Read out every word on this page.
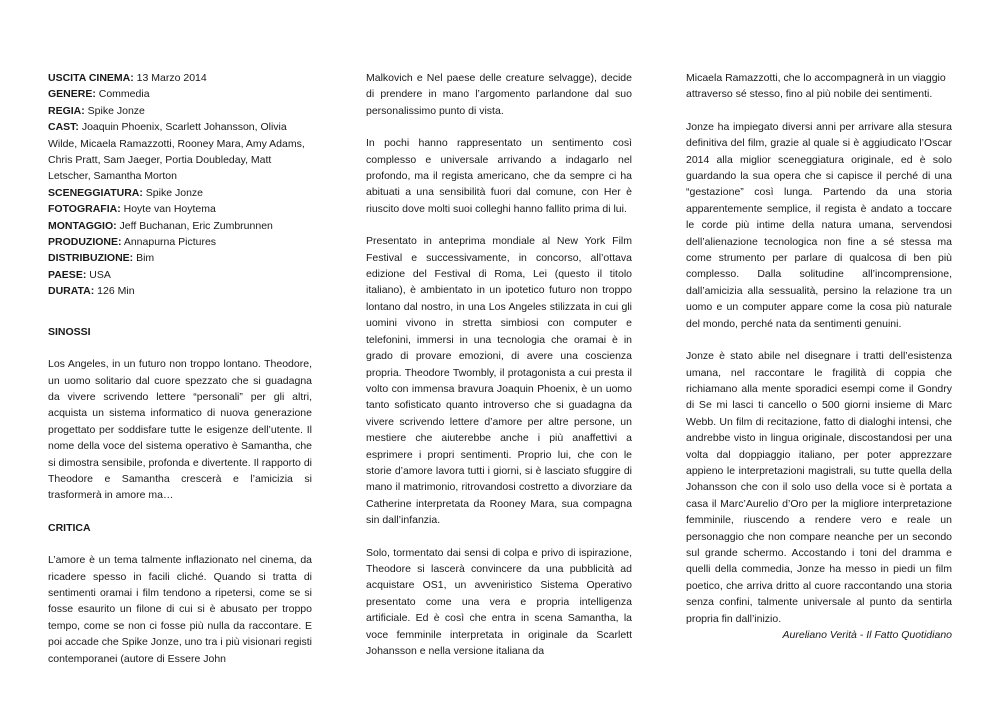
USCITA CINEMA: 13 Marzo 2014
GENERE: Commedia
REGIA: Spike Jonze
CAST: Joaquin Phoenix, Scarlett Johansson, Olivia Wilde, Micaela Ramazzotti, Rooney Mara, Amy Adams, Chris Pratt, Sam Jaeger, Portia Doubleday, Matt Letscher, Samantha Morton
SCENEGGIATURA: Spike Jonze
FOTOGRAFIA: Hoyte van Hoytema
MONTAGGIO: Jeff Buchanan, Eric Zumbrunnen
PRODUZIONE: Annapurna Pictures
DISTRIBUZIONE: Bim
PAESE: USA
DURATA: 126 Min
SINOSSI

Los Angeles, in un futuro non troppo lontano. Theodore, un uomo solitario dal cuore spezzato che si guadagna da vivere scrivendo lettere “personali” per gli altri, acquista un sistema informatico di nuova generazione progettato per soddisfare tutte le esigenze dell’utente. Il nome della voce del sistema operativo è Samantha, che si dimostra sensibile, profonda e divertente. Il rapporto di Theodore e Samantha crescerà e l’amicizia si trasformerà in amore ma…

CRITICA

L’amore è un tema talmente inflazionato nel cinema, da ricadere spesso in facili cliché. Quando si tratta di sentimenti oramai i film tendono a ripetersi, come se si fosse esaurito un filone di cui si è abusato per troppo tempo, come se non ci fosse più nulla da raccontare. E poi accade che Spike Jonze, uno tra i più visionari registi contemporanei (autore di Essere John

Malkovich e Nel paese delle creature selvagge), decide di prendere in mano l’argomento parlandone dal suo personalissimo punto di vista.

In pochi hanno rappresentato un sentimento così complesso e universale arrivando a indagarlo nel profondo, ma il regista americano, che da sempre ci ha abituati a una sensibilità fuori dal comune, con Her è riuscito dove molti suoi colleghi hanno fallito prima di lui.

Presentato in anteprima mondiale al New York Film Festival e successivamente, in concorso, all’ottava edizione del Festival di Roma, Lei (questo il titolo italiano), è ambientato in un ipotetico futuro non troppo lontano dal nostro, in una Los Angeles stilizzata in cui gli uomini vivono in stretta simbiosi con computer e telefonini, immersi in una tecnologia che oramai è in grado di provare emozioni, di avere una coscienza propria. Theodore Twombly, il protagonista a cui presta il volto con immensa bravura Joaquin Phoenix, è un uomo tanto sofisticato quanto introverso che si guadagna da vivere scrivendo lettere d’amore per altre persone, un mestiere che aiuterebbe anche i più anaffettivi a esprimere i propri sentimenti. Proprio lui, che con le storie d’amore lavora tutti i giorni, si è lasciato sfuggire di mano il matrimonio, ritrovandosi costretto a divorziare da Catherine interpretata da Rooney Mara, sua compagna sin dall’infanzia.

Solo, tormentato dai sensi di colpa e privo di ispirazione, Theodore si lascerà convincere da una pubblicità ad acquistare OS1, un avveniristico Sistema Operativo presentato come una vera e propria intelligenza artificiale. Ed è così che entra in scena Samantha, la voce femminile interpretata in originale da Scarlett Johansson e nella versione italiana da

Micaela Ramazzotti, che lo accompagnerà in un viaggio attraverso sé stesso, fino al più nobile dei sentimenti.

Jonze ha impiegato diversi anni per arrivare alla stesura definitiva del film, grazie al quale si è aggiudicato l’Oscar 2014 alla miglior sceneggiatura originale, ed è solo guardando la sua opera che si capisce il perché di una “gestazione” così lunga. Partendo da una storia apparentemente semplice, il regista è andato a toccare le corde più intime della natura umana, servendosi dell’alienazione tecnologica non fine a sé stessa ma come strumento per parlare di qualcosa di ben più complesso. Dalla solitudine all’incomprensione, dall’amicizia alla sessualità, persino la relazione tra un uomo e un computer appare come la cosa più naturale del mondo, perché nata da sentimenti genuini.

Jonze è stato abile nel disegnare i tratti dell’esistenza umana, nel raccontare le fragilità di coppia che richiamano alla mente sporadici esempi come il Gondry di Se mi lasci ti cancello o 500 giorni insieme di Marc Webb. Un film di recitazione, fatto di dialoghi intensi, che andrebbe visto in lingua originale, discostandosi per una volta dal doppiaggio italiano, per poter apprezzare appieno le interpretazioni magistrali, su tutte quella della Johansson che con il solo uso della voce si è portata a casa il Marc’Aurelio d’Oro per la migliore interpretazione femminile, riuscendo a rendere vero e reale un personaggio che non compare neanche per un secondo sul grande schermo. Accostando i toni del dramma e quelli della commedia, Jonze ha messo in piedi un film poetico, che arriva dritto al cuore raccontando una storia senza confini, talmente universale al punto da sentirla propria fin dall’inizio.

Aureliano Verità - Il Fatto Quotidiano
